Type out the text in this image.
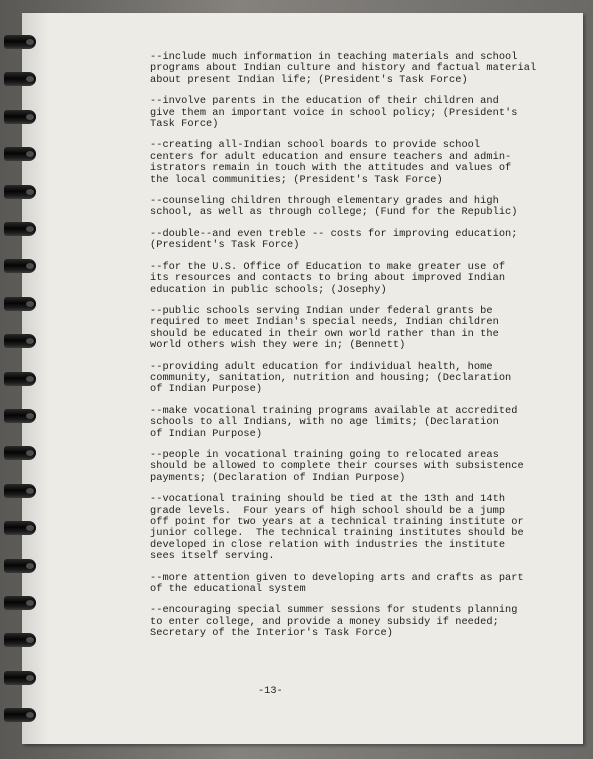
--include much information in teaching materials and school
programs about Indian culture and history and factual
about present Indian life; (President's Task Force)

--involve parents in the education of their children and
give them an important voice in school policy; (President's
Task Force)

--creating all-Indian school boards to provide school
centers for adult education and ensure teachers and admin-
istrators remain in touch with the attitudes and values of
the local communities; (President's Task Force)

--counseling children through elementary grades and high
school, as well as through college; (Fund for the Republic)

--double--and even treble -- costs for improving education;
(President's Task Force)

--for the U.S. Office of Education to make greater use of
its resources and contacts to bring about improved Indian
education in public schools; (Josephy)

--public schools serving Indian under federal grants be
required to meet Indian's special needs, Indian children
should be educated in their own world rather than in the
world others wish they were in; (Bennett)

--providing adult education for individual health, home
community, sanitation, nutrition and housing; (Declaration
of Indian Purpose)

--make vocational training programs available at accredited
schools to all Indians, with no age limits; (Declaration
of Indian Purpose)

--people in vocational training going to relocated areas
should be allowed to complete their courses with subsistence
payments; (Declaration of Indian Purpose)

--vocational training should be tied at the 13th and 14th
grade levels.  Four years of high school should be a jump
off point for two years at a technical training institute
junior college.  The technical training institutes should
developed in close relation with industries the institute
sees itself serving.

--more attention given to developing arts and crafts as
of the educational system

--encouraging special summer sessions for students planning
to enter college, and provide a money subsidy if needed;
Secretary of the Interior's Task Force)

-13-
